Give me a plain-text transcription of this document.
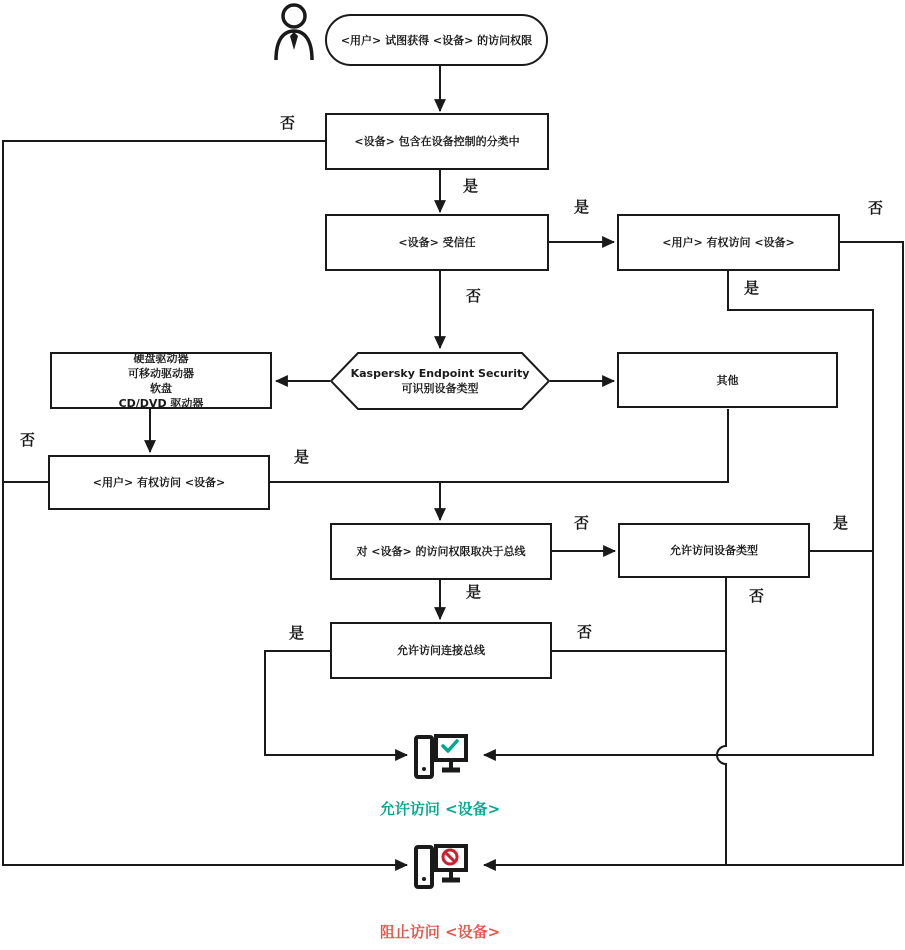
<用户> 试图获得 <设备> 的访问权限
<设备> 包含在设备控制的分类中
<设备> 受信任	<用户> 有权访问 <设备>
硬盘驱动器
可移动驱动器
软盘
CD/DVD 驱动器
Kaspersky Endpoint Security
可识别设备类型
其他
<用户> 有权访问 <设备>
对 <设备> 的访问权限取决于总线	允许访问设备类型
允许访问连接总线
否
是
是	否
否	是
否
是
否	是
是	否
是	否
允许访问 <设备>
阻止访问 <设备>
